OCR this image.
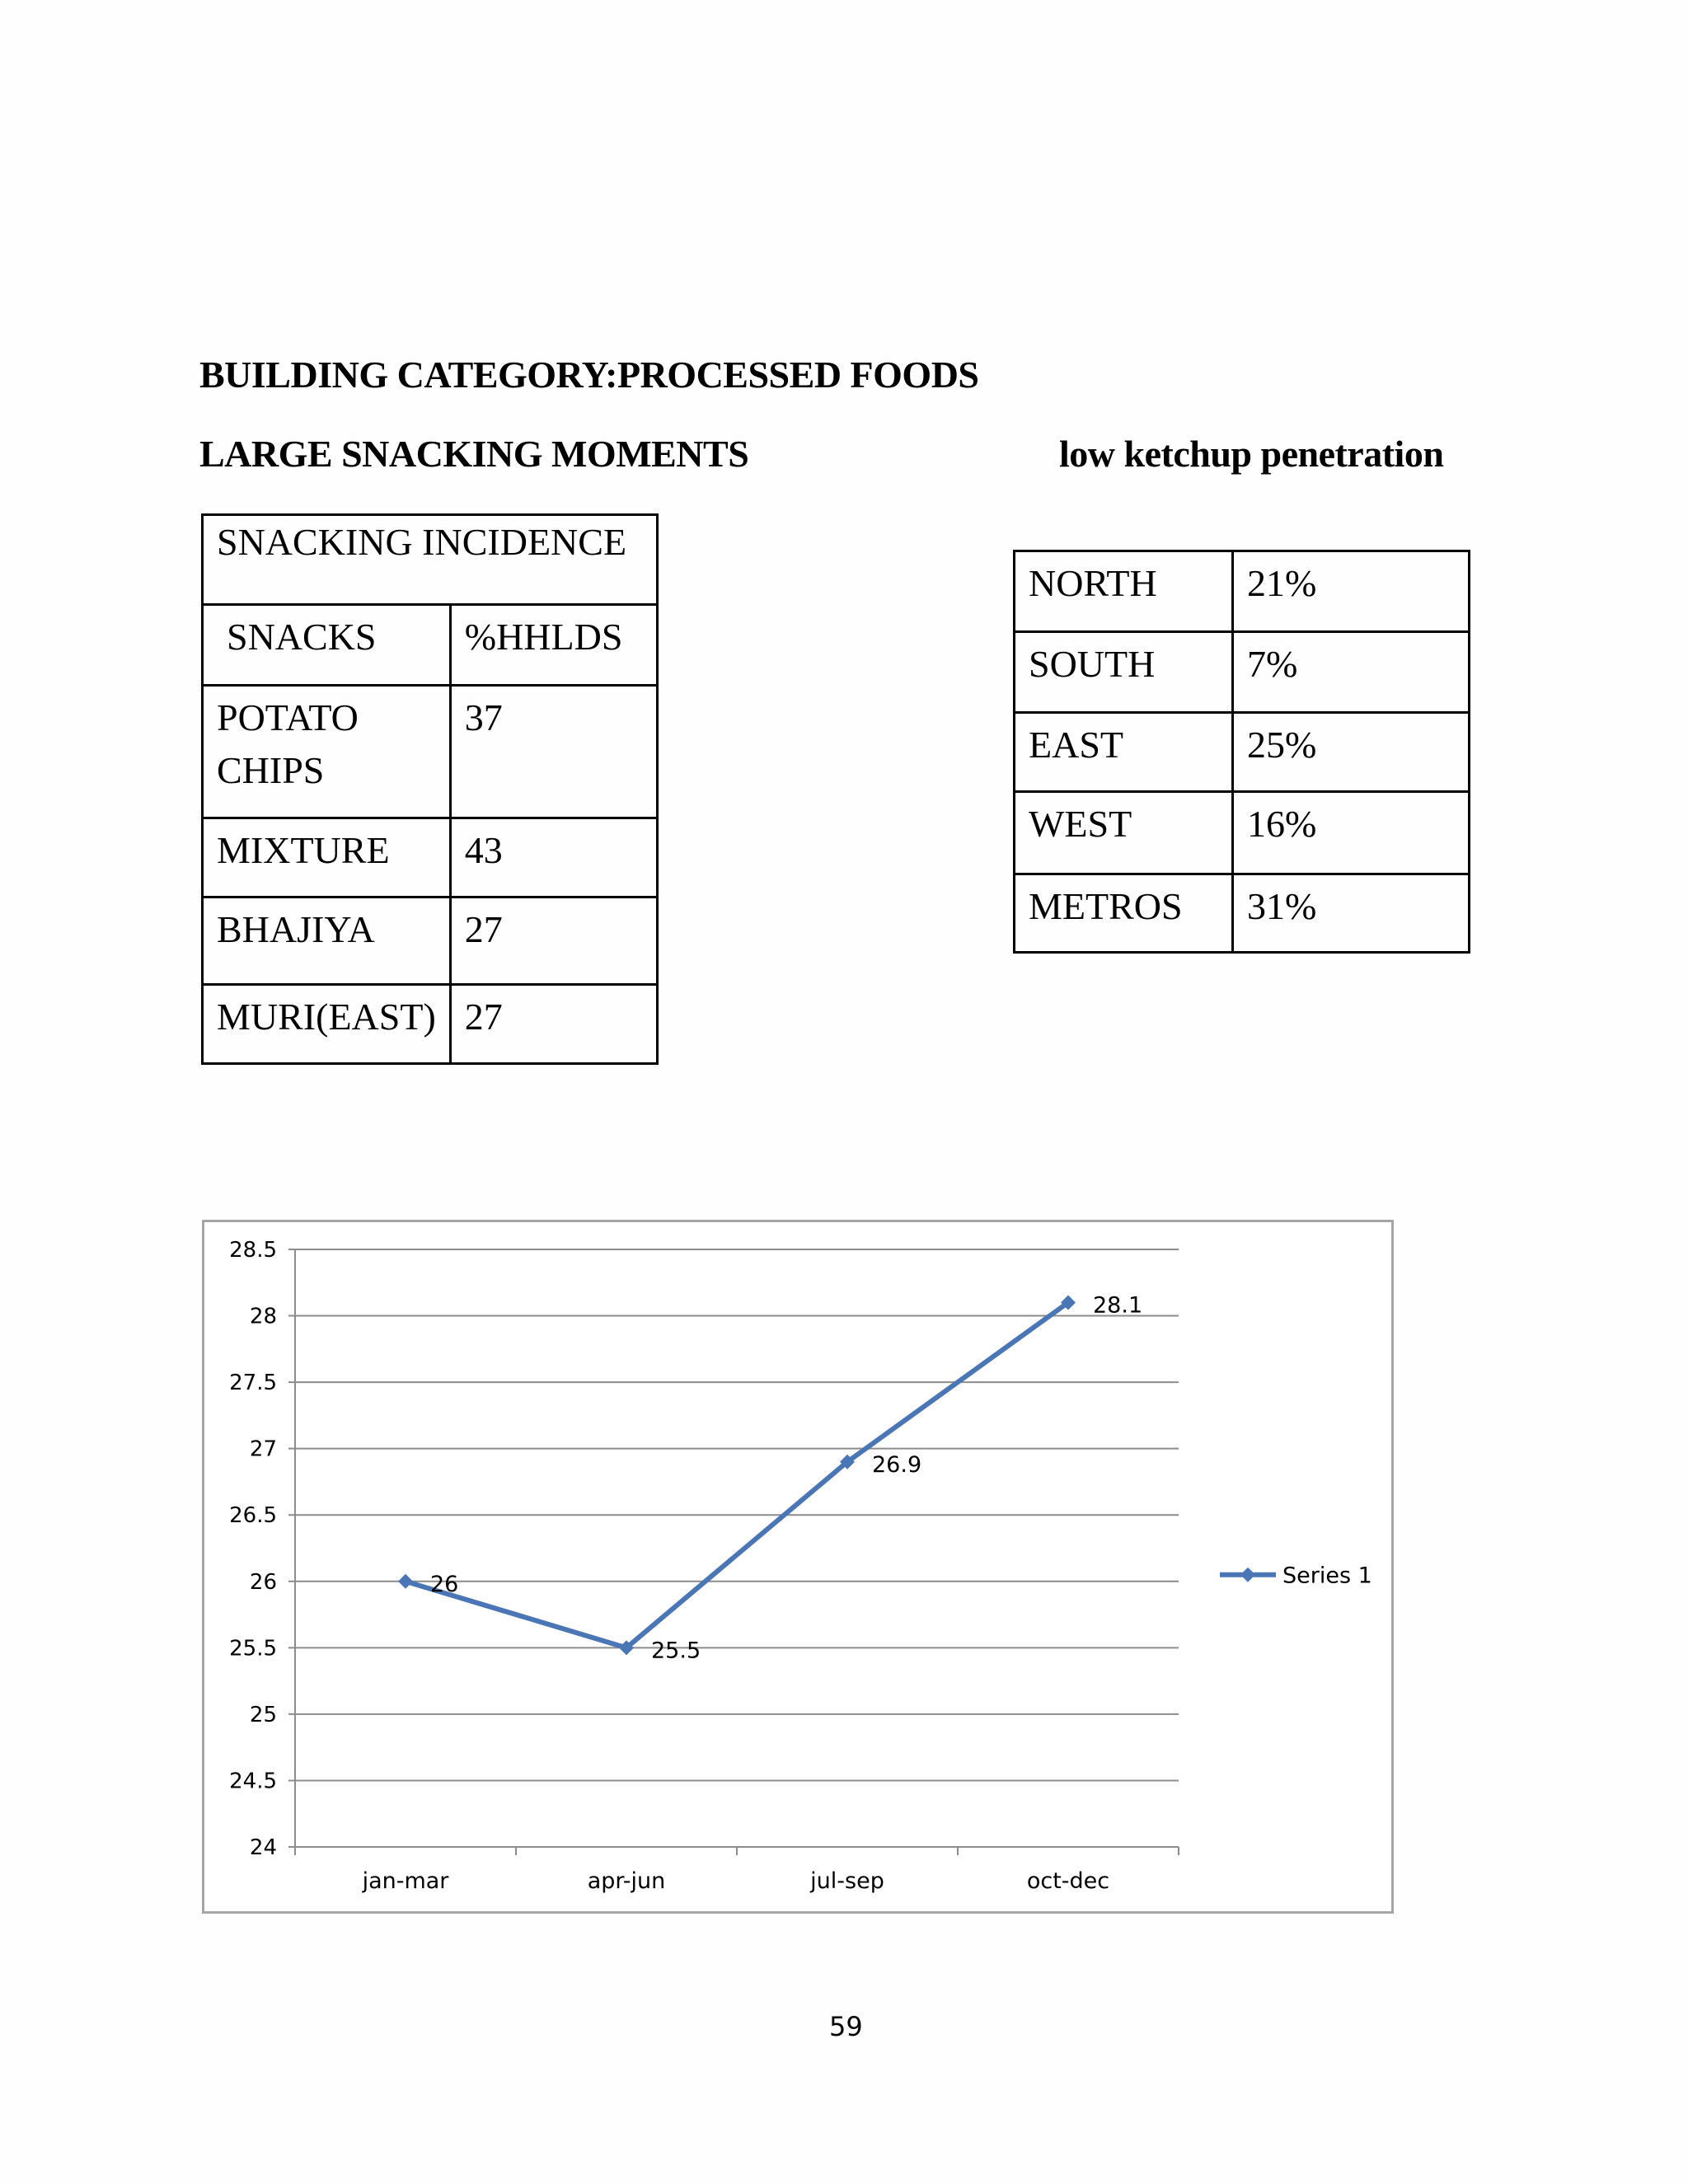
BUILDING CATEGORY:PROCESSED FOODS
LARGE SNACKING MOMENTS	low ketchup penetration
SNACKING INCIDENCE	
SNACKS	%HHLDS
POTATO CHIPS	37
MIXTURE	43
BHAJIYA	27
MURI(EAST)	27
NORTH	21%
SOUTH	7%
EAST	25%
WEST	16%
METROS	31%
24
24.5
25
25.5
26
26.5
27
27.5
28
28.5
jan-mar	apr-jun	jul-sep	oct-dec
26
25.5
26.9
28.1
Series 1
59
